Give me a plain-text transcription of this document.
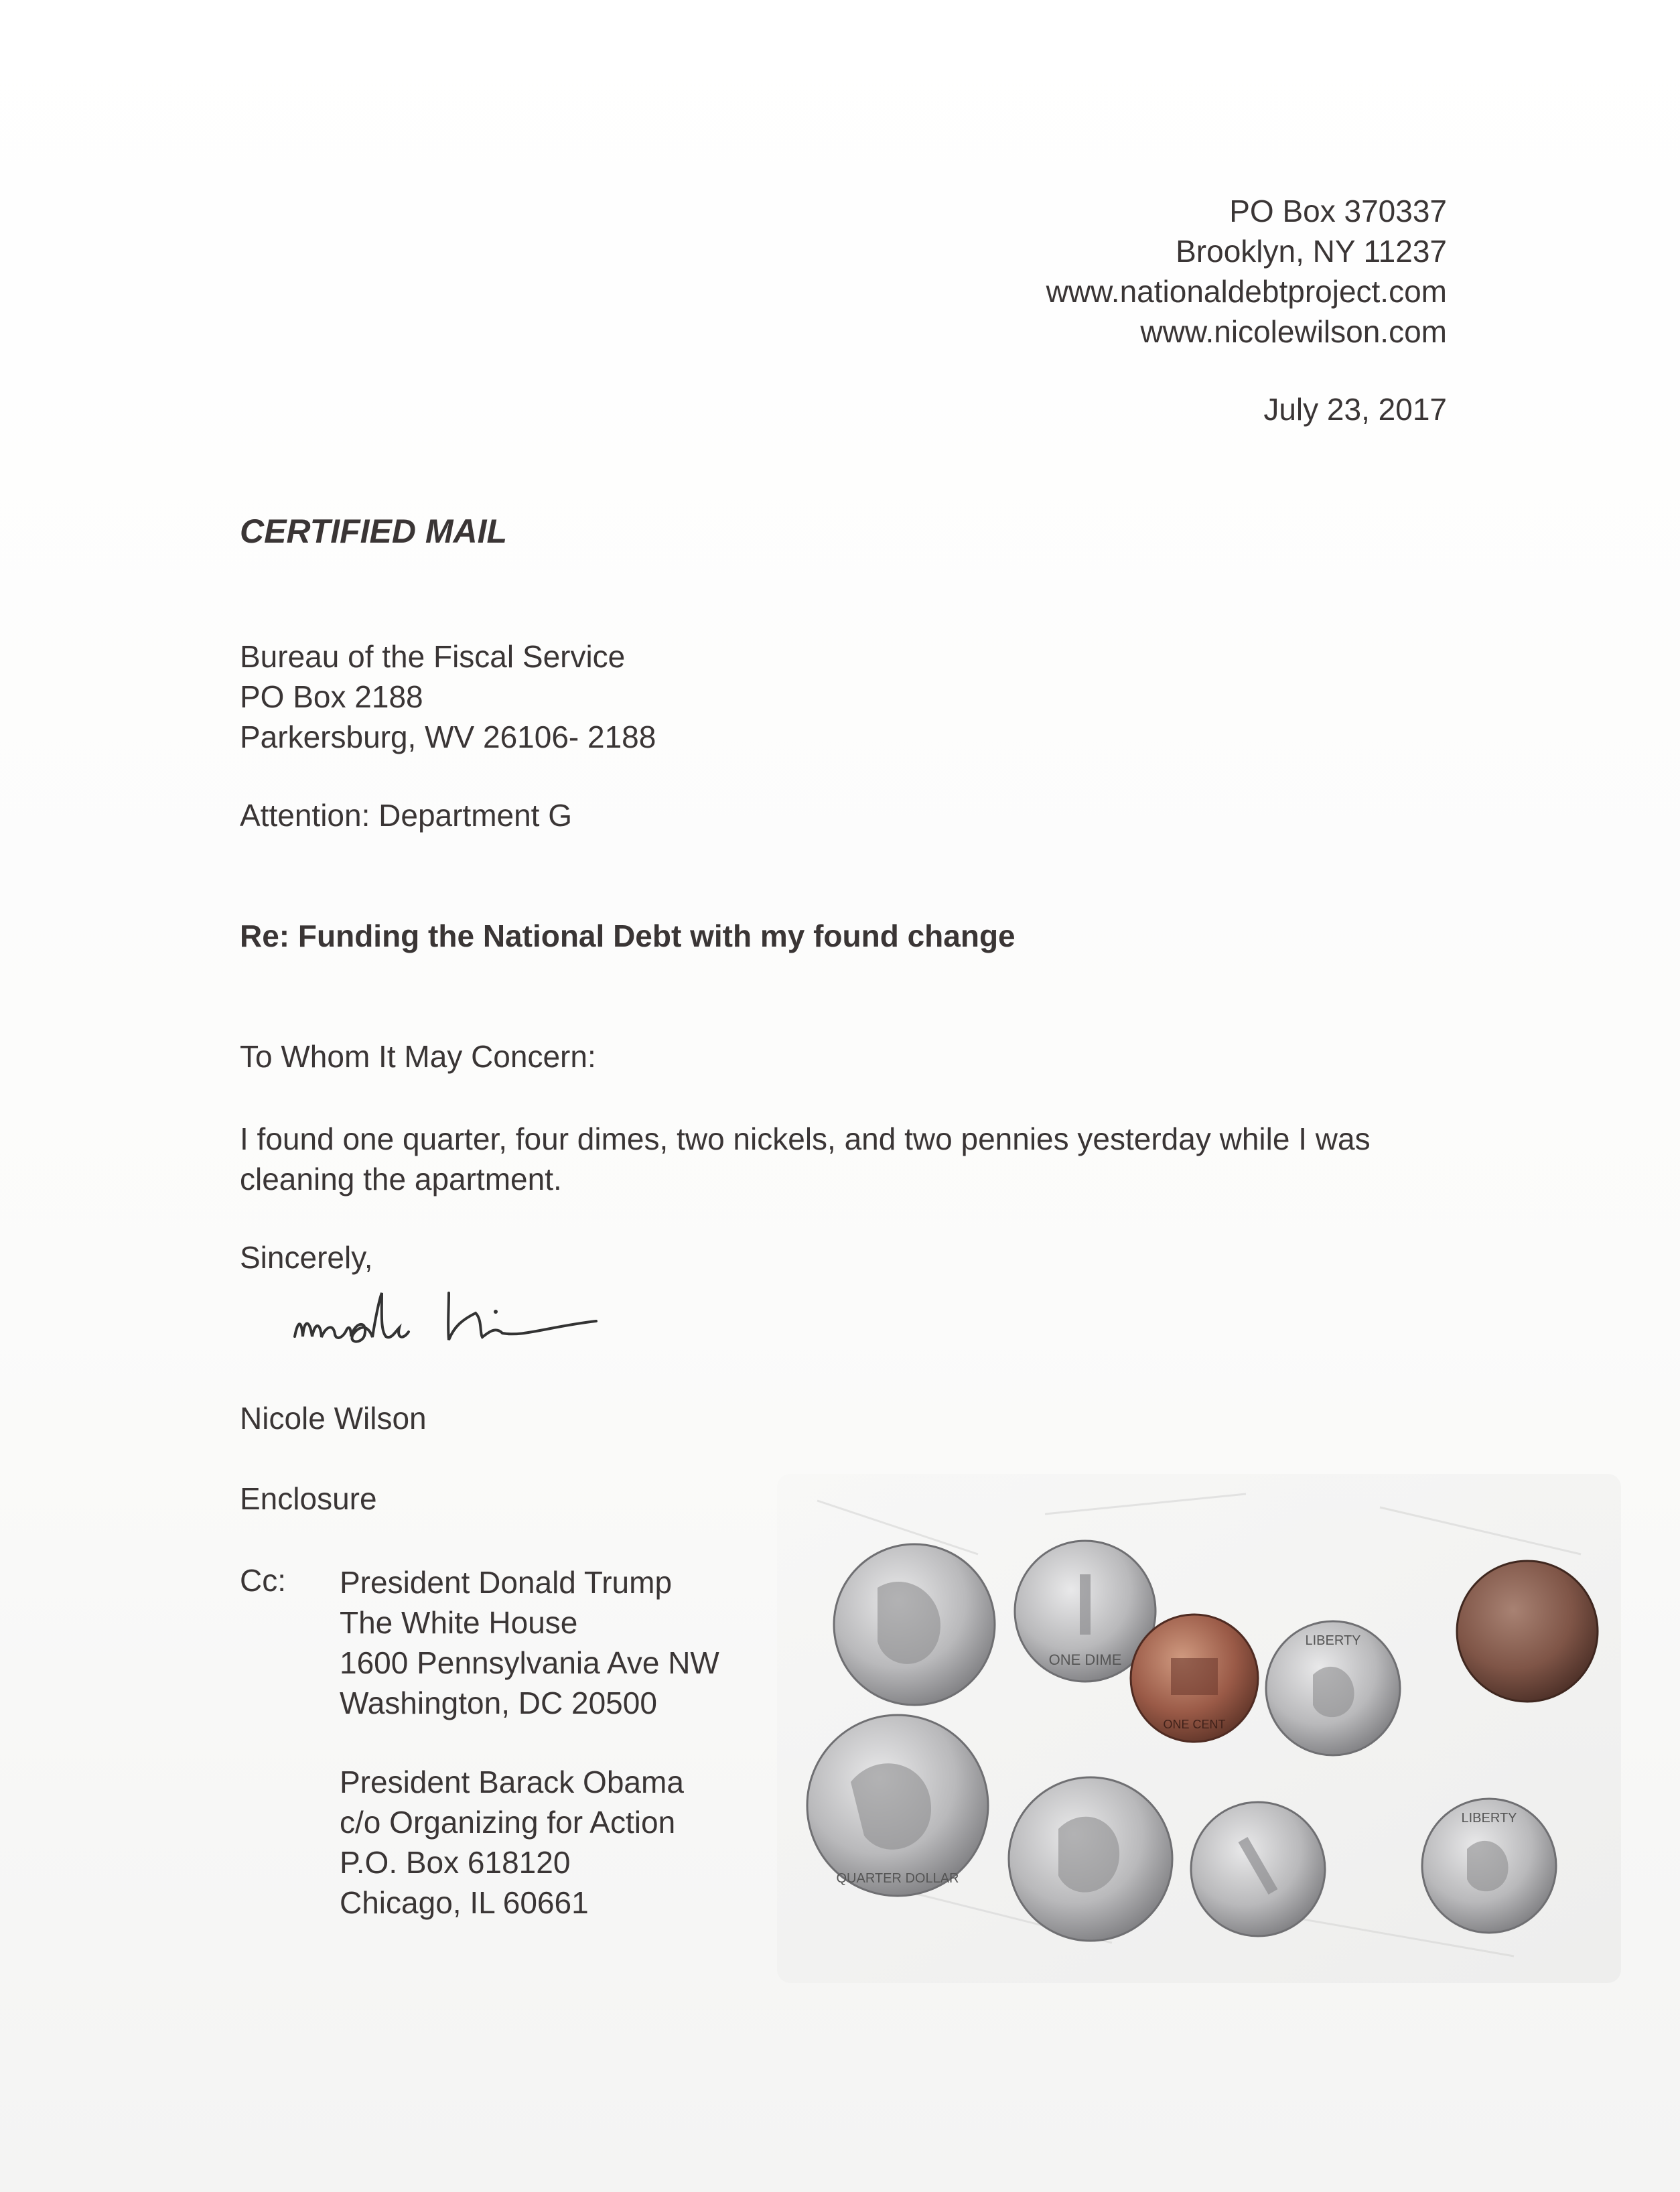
PO Box 370337
Brooklyn, NY 11237
www.nationaldebtproject.com
www.nicolewilson.com
July 23, 2017
CERTIFIED MAIL
Bureau of the Fiscal Service
PO Box 2188
Parkersburg, WV 26106- 2188
Attention: Department G
Re: Funding the National Debt with my found change
To Whom It May Concern:
I found one quarter, four dimes, two nickels, and two pennies yesterday while I was cleaning the apartment.
Sincerely,
Nicole Wilson
Enclosure
Cc: President Donald Trump
The White House
1600 Pennsylvania Ave NW
Washington, DC 20500
President Barack Obama
c/o Organizing for Action
P.O. Box 618120
Chicago, IL 60661
ONE DIME
ONE CENT
LIBERTY
QUARTER DOLLAR
LIBERTY
